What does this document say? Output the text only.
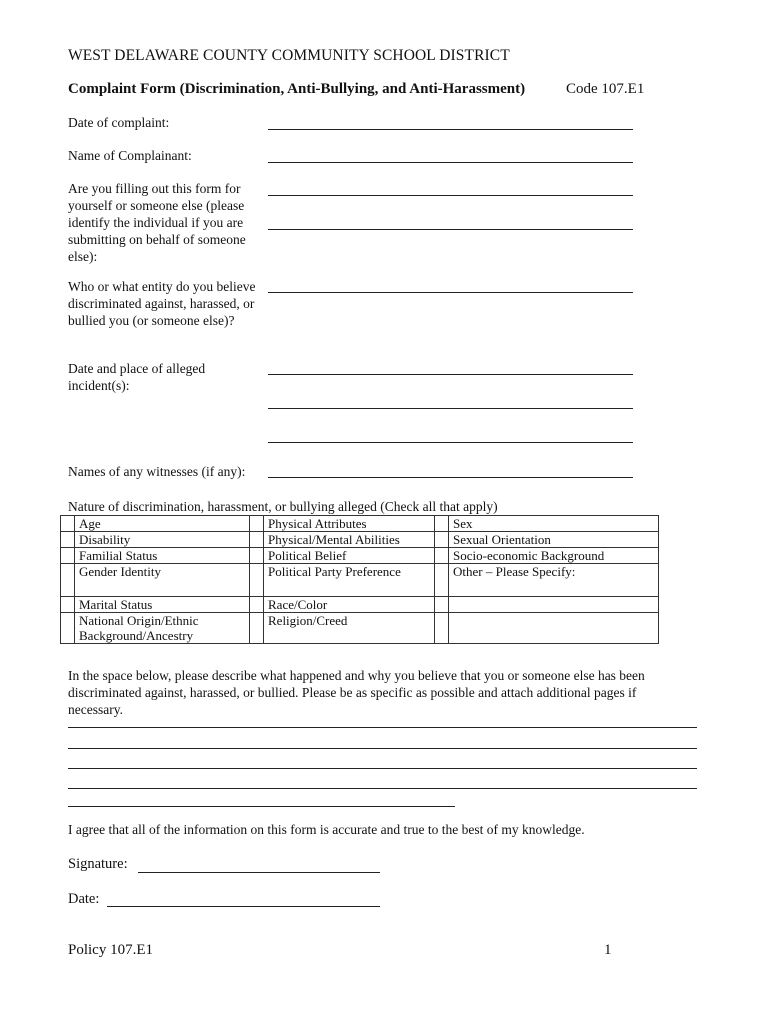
WEST DELAWARE COUNTY COMMUNITY SCHOOL DISTRICT
Complaint Form (Discrimination, Anti-Bullying, and Anti-Harassment)	Code 107.E1
Date of complaint:
Name of Complainant:
Are you filling out this form for yourself or someone else (please identify the individual if you are submitting on behalf of someone else):
Who or what entity do you believe discriminated against, harassed, or bullied you (or someone else)?
Date and place of alleged incident(s):
Names of any witnesses (if any):
Nature of discrimination, harassment, or bullying alleged (Check all that apply)
	Age		Physical Attributes		Sex
	Disability		Physical/Mental Abilities		Sexual Orientation
	Familial Status		Political Belief		Socio-economic Background
	Gender Identity		Political Party Preference		Other – Please Specify:
	Marital Status		Race/Color		
	National Origin/Ethnic Background/Ancestry		Religion/Creed		
In the space below, please describe what happened and why you believe that you or someone else has been discriminated against, harassed, or bullied. Please be as specific as possible and attach additional pages if necessary.
I agree that all of the information on this form is accurate and true to the best of my knowledge.
Signature:
Date:
Policy 107.E1	1
